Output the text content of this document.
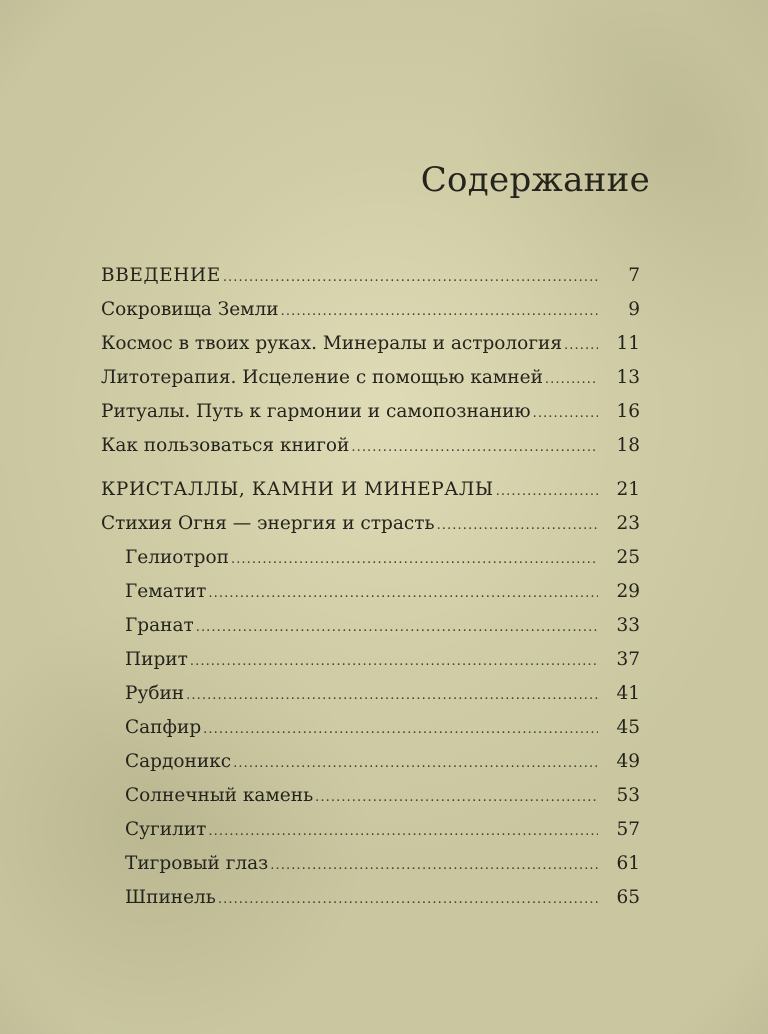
Содержание
ВВЕДЕНИЕ .....	7
Сокровища Земли .....	9
Космос в твоих руках. Минералы и астрология .....	11
Литотерапия. Исцеление с помощью камней .....	13
Ритуалы. Путь к гармонии и самопознанию .....	16
Как пользоваться книгой .....	18
КРИСТАЛЛЫ, КАМНИ И МИНЕРАЛЫ .....	21
Стихия Огня — энергия и страсть .....	23
Гелиотроп .....	25
Гематит .....	29
Гранат .....	33
Пирит .....	37
Рубин .....	41
Сапфир .....	45
Сардоникс .....	49
Солнечный камень .....	53
Сугилит .....	57
Тигровый глаз .....	61
Шпинель .....	65
